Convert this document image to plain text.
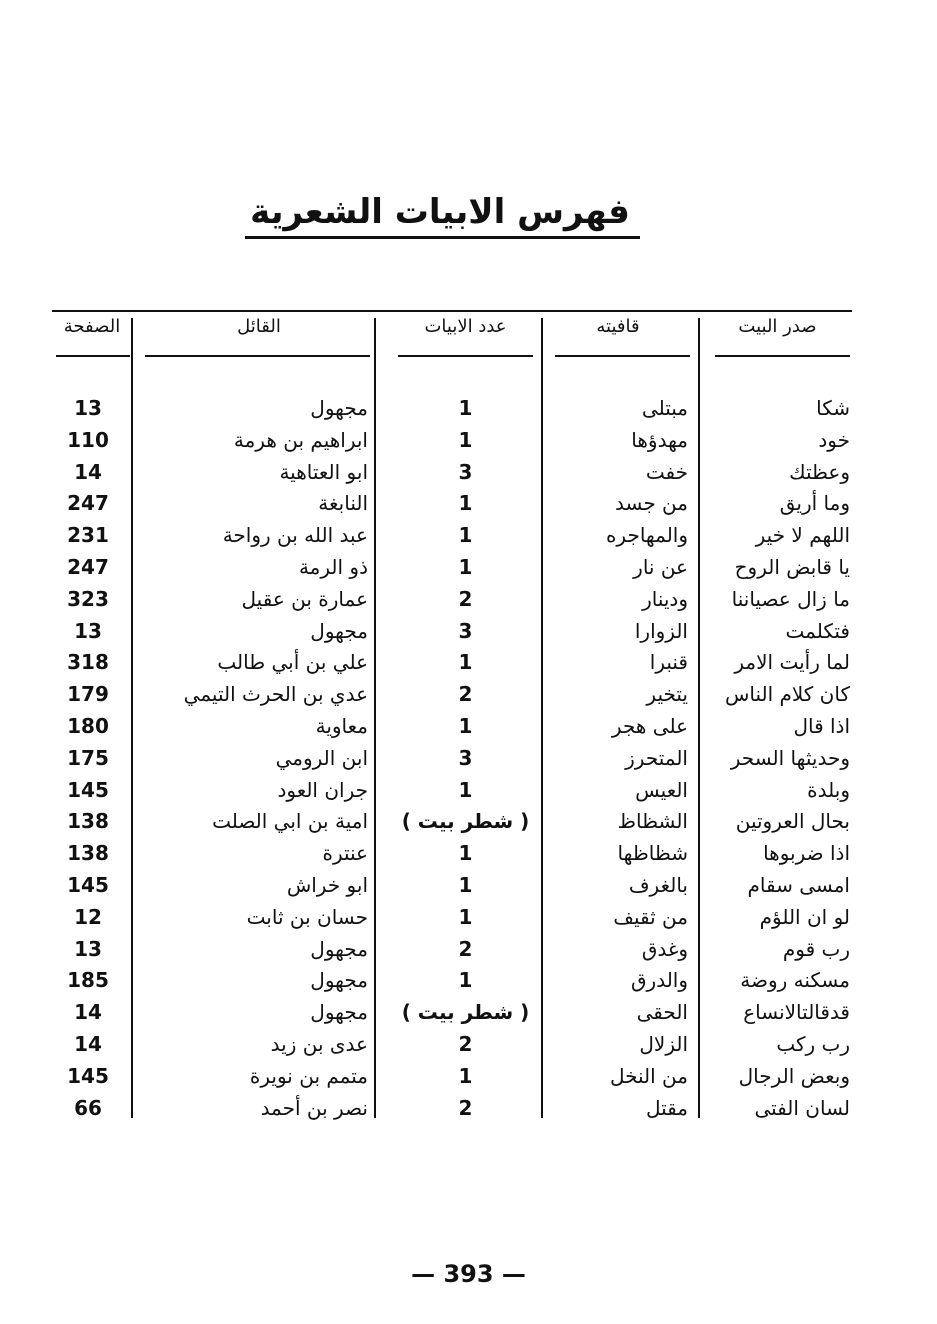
فهرس الابيات الشعرية
صدر البيت
قافيته
عدد الابيات
القائل
الصفحة
شكا
مبتلى
1
مجهول
13
خود
مهدؤها
1
ابراهيم بن هرمة
110
وعظتك
خفت
3
ابو العتاهية
14
وما أريق
من جسد
1
النابغة
247
اللهم لا خير
والمهاجره
1
عبد الله بن رواحة
231
يا قابض الروح
عن نار
1
ذو الرمة
247
ما زال عصياننا
ودينار
2
عمارة بن عقيل
323
فتكلمت
الزوارا
3
مجهول
13
لما رأيت الامر
قنبرا
1
علي بن أبي طالب
318
كان كلام الناس
يتخير
2
عدي بن الحرث التيمي
179
اذا قال
على هجر
1
معاوية
180
وحديثها السحر
المتحرز
3
ابن الرومي
175
وبلدة
العيس
1
جران العود
145
بحال العروتين
الشظاظ
( شطر بيت )
امية بن ابي الصلت
138
اذا ضربوها
شظاظها
1
عنترة
138
امسى سقام
بالغرف
1
ابو خراش
145
لو ان اللؤم
من ثقيف
1
حسان بن ثابت
12
رب قوم
وغدق
2
مجهول
13
مسكنه روضة
والدرق
1
مجهول
185
قدقالتالانساع
الحقى
( شطر بيت )
مجهول
14
رب ركب
الزلال
2
عدى بن زيد
14
وبعض الرجال
من النخل
1
متمم بن نويرة
145
لسان الفتى
مقتل
2
نصر بن أحمد
66
— 393 —
